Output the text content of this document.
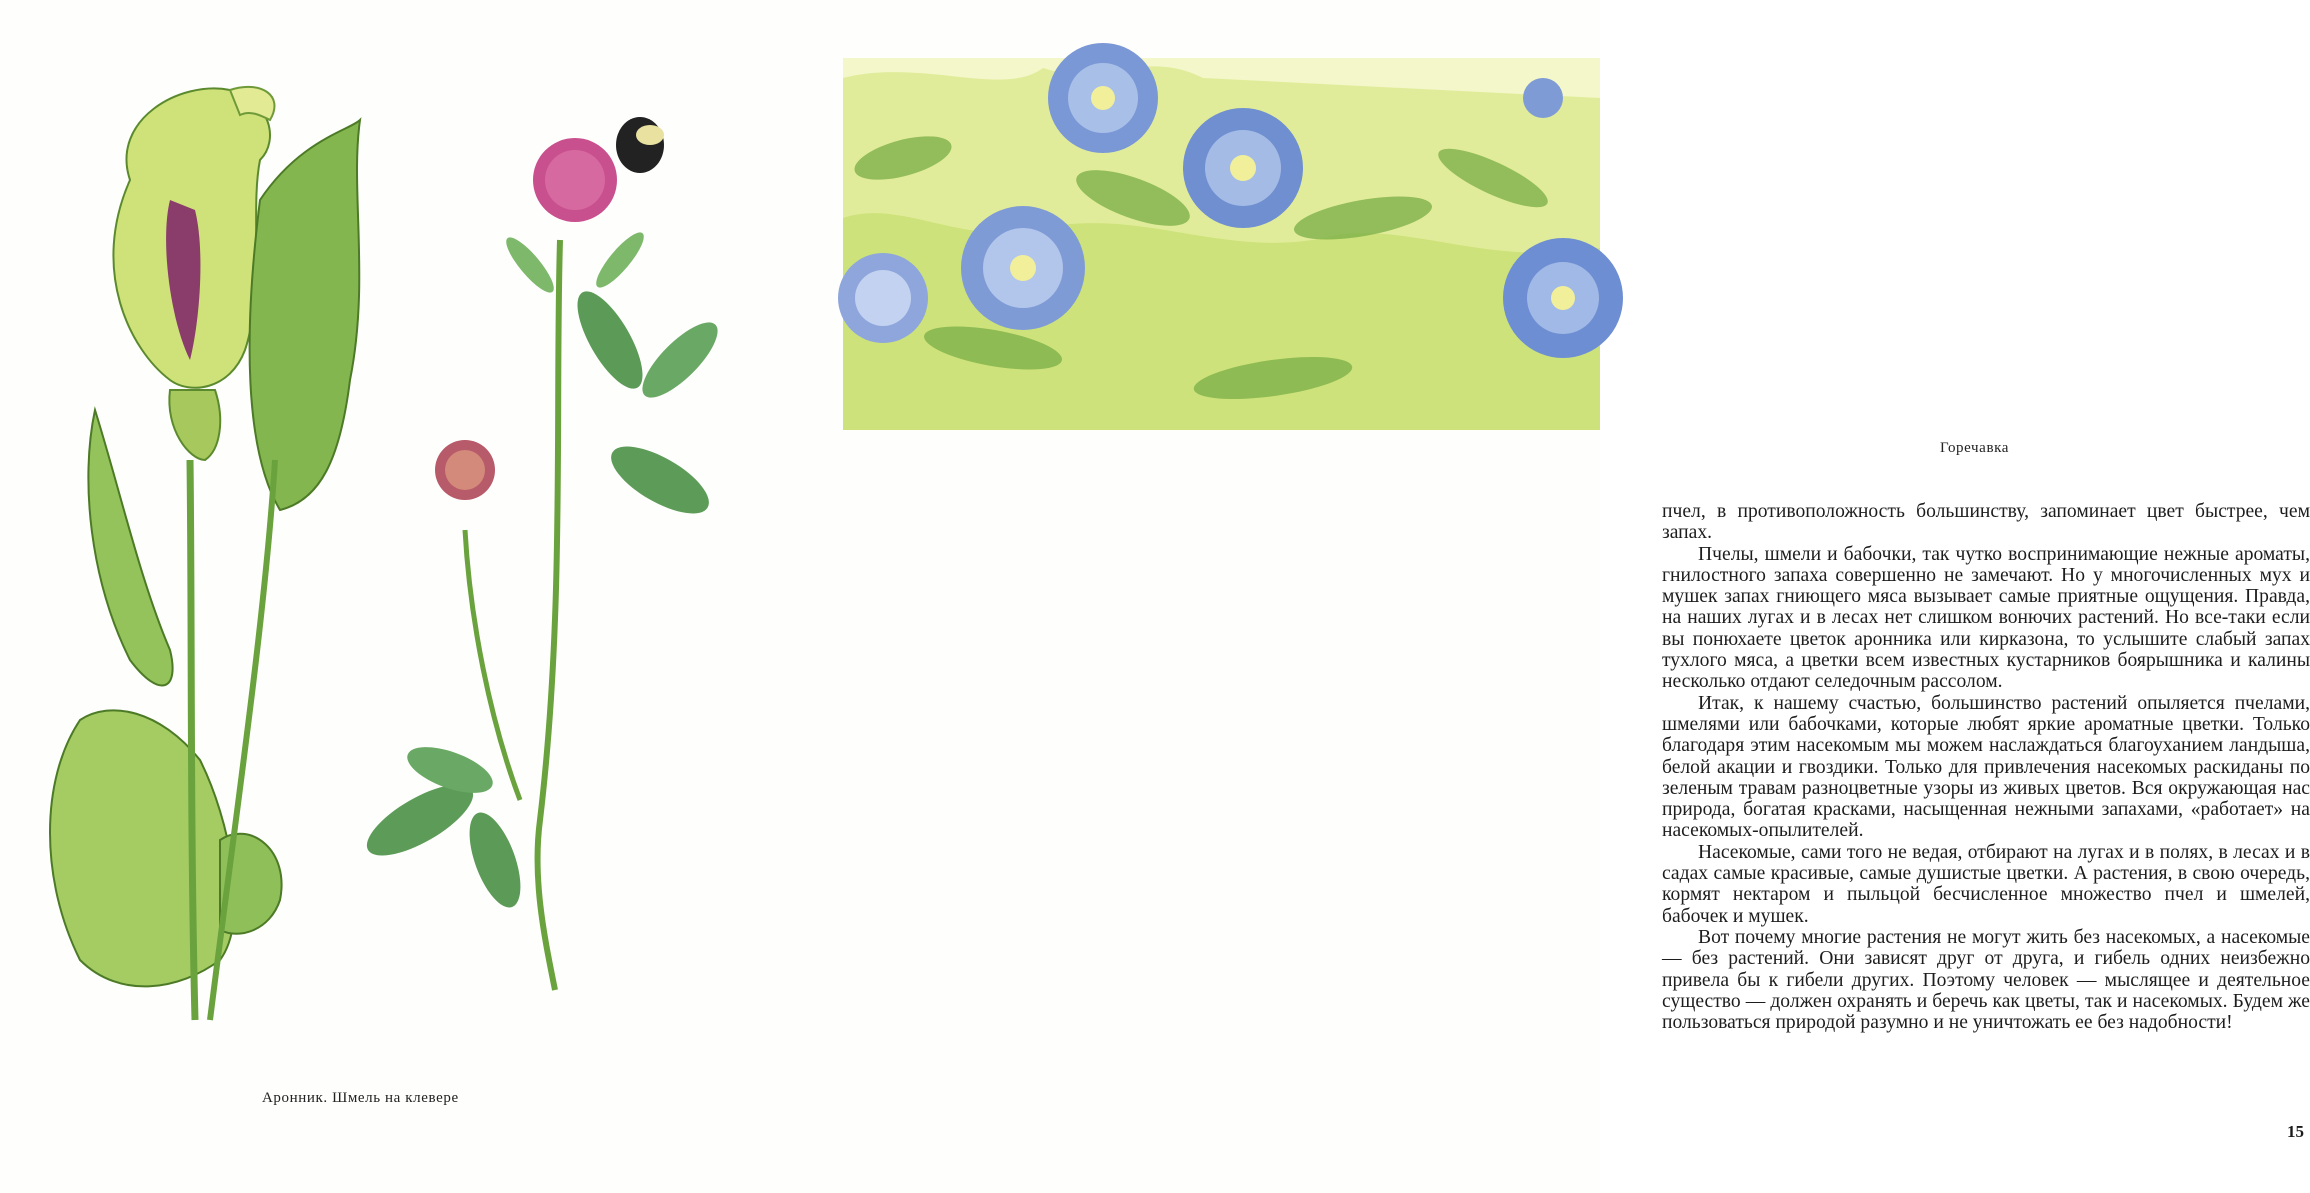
Аронник. Шмель на клевере
Горечавка

пчел, в противоположность большинству, запоминает цвет быстрее, чем запах.

Пчелы, шмели и бабочки, так чутко воспринимающие нежные ароматы, гнилостного запаха совершенно не замечают. Но у многочисленных мух и мушек запах гниющего мяса вызывает самые приятные ощущения. Правда, на наших лугах и в лесах нет слишком вонючих растений. Но все-таки если вы понюхаете цветок аронника или кирказона, то услышите слабый запах тухлого мяса, а цветки всем известных кустарников боярышника и калины несколько отдают селедочным рассолом.

Итак, к нашему счастью, большинство растений опыляется пчелами, шмелями или бабочками, которые любят яркие ароматные цветки. Только благодаря этим насекомым мы можем наслаждаться благоуханием ландыша, белой акации и гвоздики. Только для привлечения насекомых раскиданы по зеленым травам разноцветные узоры из живых цветов. Вся окружающая нас природа, богатая красками, насыщенная нежными запахами, «работает» на насекомых-опылителей.

Насекомые, сами того не ведая, отбирают на лугах и в полях, в лесах и в садах самые красивые, самые душистые цветки. А растения, в свою очередь, кормят нектаром и пыльцой бесчисленное множество пчел и шмелей, бабочек и мушек.

Вот почему многие растения не могут жить без насекомых, а насекомые — без растений. Они зависят друг от друга, и гибель одних неизбежно привела бы к гибели других. Поэтому человек — мыслящее и деятельное существо — должен охранять и беречь как цветы, так и насекомых. Будем же пользоваться природой разумно и не уничтожать ее без надобности!

15
